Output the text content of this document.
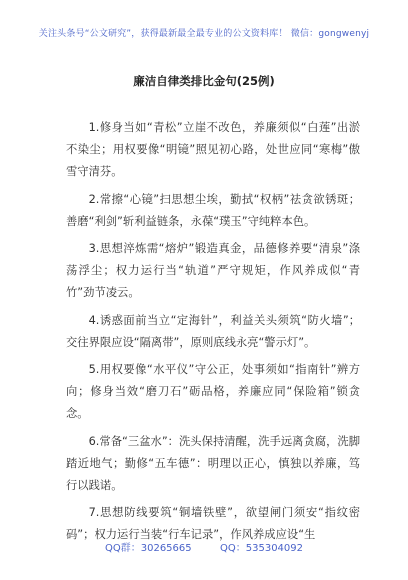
关注头条号“公文研究”，获得最新最全最专业的公文资料库！ 微信：gongwenyj
廉洁自律类排比金句(25例)

1.修身当如“青松”立崖不改色，养廉须似“白莲”出淤不染尘；用权要像“明镜”照见初心路，处世应同“寒梅”傲雪守清芬。

2.常擦“心镜”扫思想尘埃，勤拭“权柄”祛贪欲锈斑；善磨“利剑”斩利益链条，永葆“璞玉”守纯粹本色。

3.思想淬炼需“熔炉”锻造真金，品德修养要“清泉”涤荡浮尘；权力运行当“轨道”严守规矩，作风养成似“青竹”劲节凌云。

4.诱惑面前当立“定海针”，利益关头须筑“防火墙”；交往界限应设“隔离带”，原则底线永亮“警示灯”。

5.用权要像“水平仪”守公正，处事须如“指南针”辨方向；修身当效“磨刀石”砺品格，养廉应同“保险箱”锁贪念。

6.常备“三盆水”：洗头保持清醒，洗手远离贪腐，洗脚踏近地气；勤修“五车德”：明理以正心，慎独以养廉，笃行以践诺。

7.思想防线要筑“铜墙铁壁”，欲望闸门须安“指纹密码”；权力运行当装“行车记录”，作风养成应设“生

QQ群：30265665	QQ：535304092
